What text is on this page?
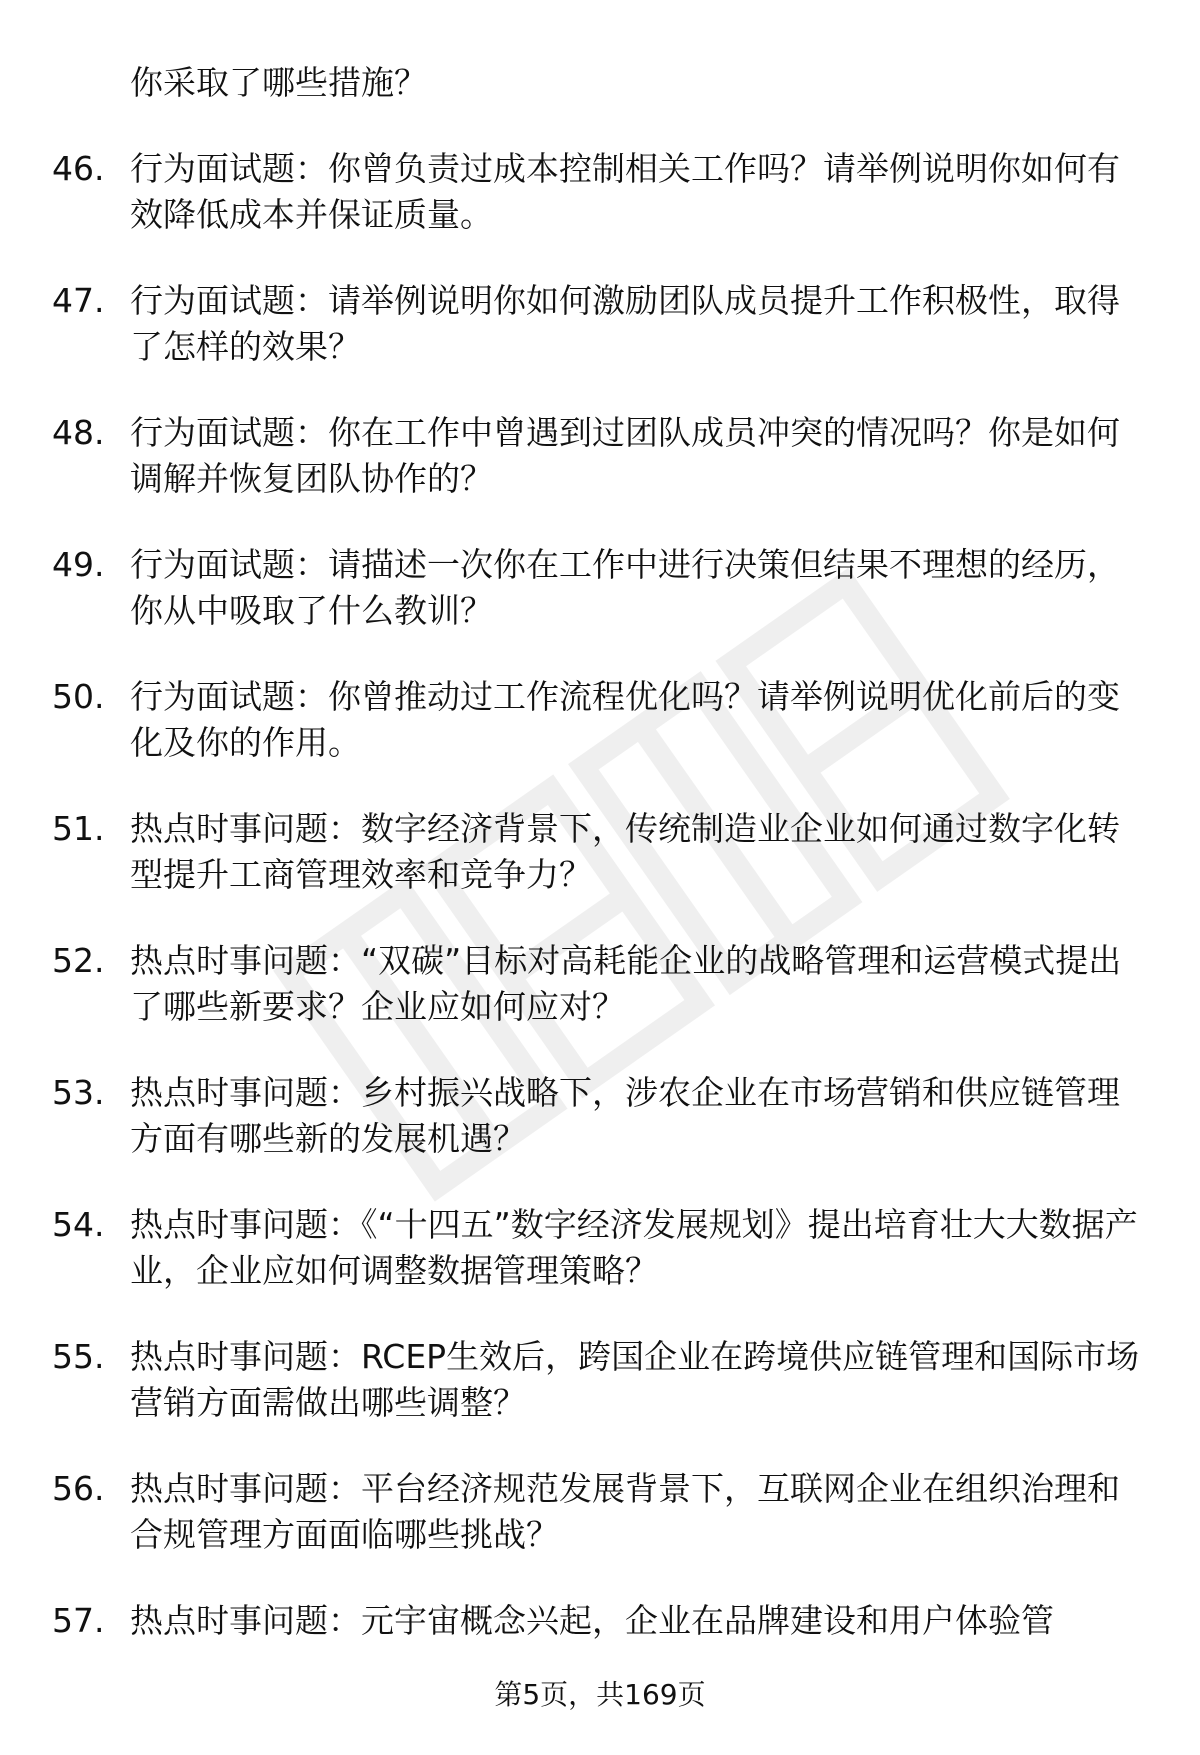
你采取了哪些措施？
46. 行为面试题：你曾负责过成本控制相关工作吗？请举例说明你如何有效降低成本并保证质量。
47. 行为面试题：请举例说明你如何激励团队成员提升工作积极性，取得了怎样的效果？
48. 行为面试题：你在工作中曾遇到过团队成员冲突的情况吗？你是如何调解并恢复团队协作的？
49. 行为面试题：请描述一次你在工作中进行决策但结果不理想的经历，你从中吸取了什么教训？
50. 行为面试题：你曾推动过工作流程优化吗？请举例说明优化前后的变化及你的作用。
51. 热点时事问题：数字经济背景下，传统制造业企业如何通过数字化转型提升工商管理效率和竞争力？
52. 热点时事问题：“双碳”目标对高耗能企业的战略管理和运营模式提出了哪些新要求？企业应如何应对？
53. 热点时事问题：乡村振兴战略下，涉农企业在市场营销和供应链管理方面有哪些新的发展机遇？
54. 热点时事问题：《“十四五”数字经济发展规划》提出培育壮大大数据产业，企业应如何调整数据管理策略？
55. 热点时事问题：RCEP生效后，跨国企业在跨境供应链管理和国际市场营销方面需做出哪些调整？
56. 热点时事问题：平台经济规范发展背景下，互联网企业在组织治理和合规管理方面面临哪些挑战？
57. 热点时事问题：元宇宙概念兴起，企业在品牌建设和用户体验管
第5页，共169页
